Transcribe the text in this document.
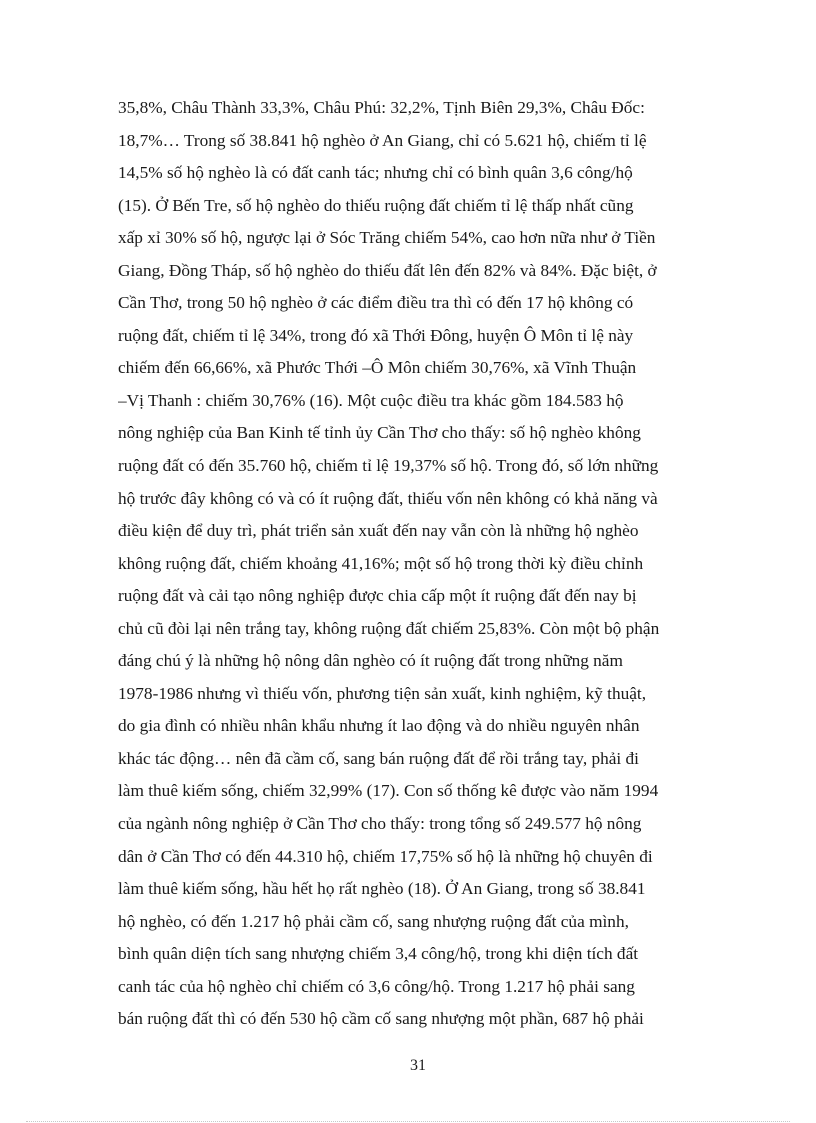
35,8%, Châu Thành 33,3%, Châu Phú: 32,2%, Tịnh Biên 29,3%, Châu Đốc:
18,7%… Trong số 38.841 hộ nghèo ở An Giang, chỉ có 5.621 hộ, chiếm tỉ lệ
14,5% số hộ nghèo là có đất canh tác; nhưng chỉ có bình quân 3,6 công/hộ
(15). Ở Bến Tre, số hộ nghèo do thiếu ruộng đất chiếm tỉ lệ thấp nhất cũng
xấp xỉ 30% số hộ, ngược lại ở Sóc Trăng chiếm 54%, cao hơn nữa như ở Tiền
Giang, Đồng Tháp, số hộ nghèo do thiếu đất lên đến 82% và 84%. Đặc biệt, ở
Cần Thơ, trong 50 hộ nghèo ở các điểm điều tra thì có đến 17 hộ không có
ruộng đất, chiếm tỉ lệ 34%, trong đó xã Thới Đông, huyện Ô Môn tỉ lệ này
chiếm đến 66,66%, xã Phước Thới –Ô Môn chiếm 30,76%, xã Vĩnh Thuận
–Vị Thanh : chiếm 30,76% (16). Một cuộc điều tra khác gồm 184.583 hộ
nông nghiệp của Ban Kinh tế tỉnh ủy Cần Thơ cho thấy: số hộ nghèo không
ruộng đất có đến 35.760 hộ, chiếm tỉ lệ 19,37% số hộ. Trong đó, số lớn những
hộ trước đây không có và có ít ruộng đất, thiếu vốn nên không có khả năng và
điều kiện để duy trì, phát triển sản xuất đến nay vẫn còn là những hộ nghèo
không ruộng đất, chiếm khoảng 41,16%; một số hộ trong thời kỳ điều chỉnh
ruộng đất và cải tạo nông nghiệp được chia cấp một ít ruộng đất đến nay bị
chủ cũ đòi lại nên trắng tay, không ruộng đất chiếm 25,83%. Còn một bộ phận
đáng chú ý là những hộ nông dân nghèo có ít ruộng đất trong những năm
1978-1986 nhưng vì thiếu vốn, phương tiện sản xuất, kinh nghiệm, kỹ thuật,
do gia đình có nhiều nhân khẩu nhưng ít lao động và do nhiều nguyên nhân
khác tác động… nên đã cầm cố, sang bán ruộng đất để rồi trắng tay, phải đi
làm thuê kiếm sống, chiếm 32,99% (17). Con số thống kê được vào năm 1994
của ngành nông nghiệp ở Cần Thơ cho thấy: trong tổng số 249.577 hộ nông
dân ở Cần Thơ có đến 44.310 hộ, chiếm 17,75% số hộ là những hộ chuyên đi
làm thuê kiếm sống, hầu hết họ rất nghèo (18). Ở An Giang, trong số 38.841
hộ nghèo, có đến 1.217 hộ phải cầm cố, sang nhượng ruộng đất của mình,
bình quân diện tích sang nhượng chiếm 3,4 công/hộ, trong khi diện tích đất
canh tác của hộ nghèo chỉ chiếm có 3,6 công/hộ. Trong 1.217 hộ phải sang
bán ruộng đất thì có đến 530 hộ cầm cố sang nhượng một phần, 687 hộ phải
31
